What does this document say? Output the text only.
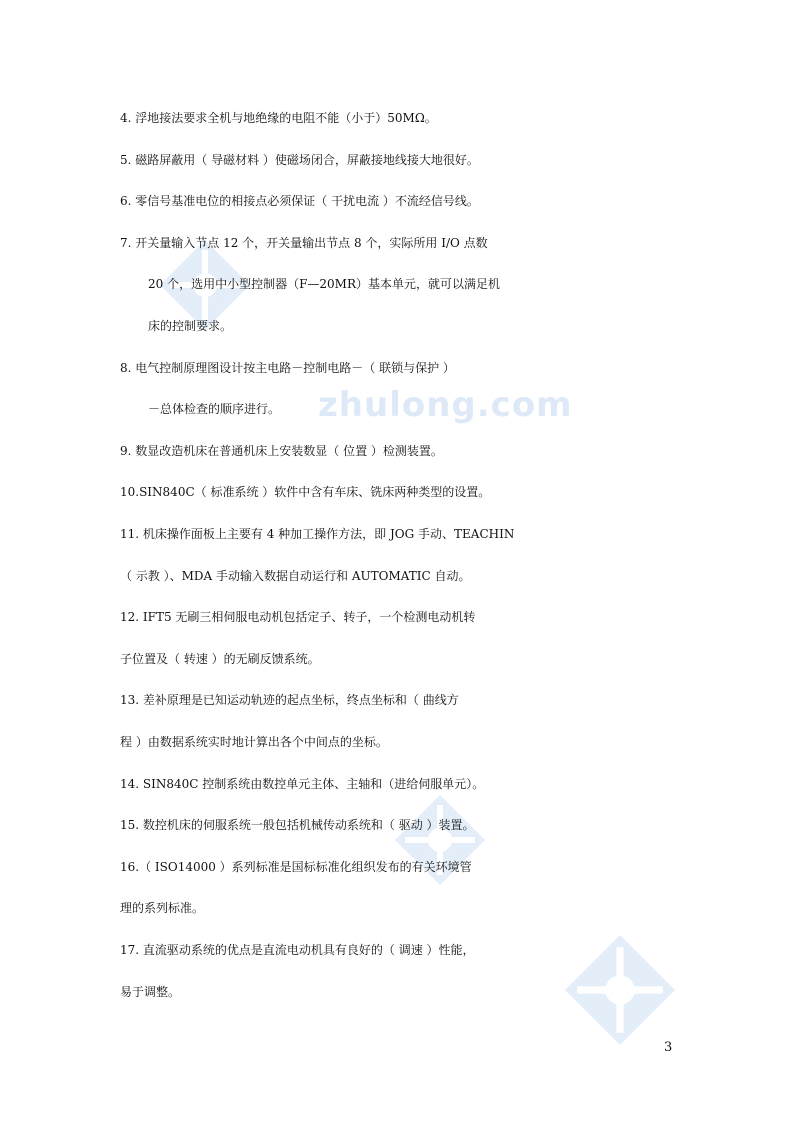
zhulong.com
4. 浮地接法要求全机与地绝缘的电阻不能（小于）50MΩ。
5. 磁路屏蔽用（ 导磁材料 ）使磁场闭合，屏蔽接地线接大地很好。
6. 零信号基准电位的相接点必须保证（ 干扰电流 ）不流经信号线。
7. 开关量输入节点 12 个，开关量输出节点 8 个，实际所用 I/O 点数
20 个，选用中小型控制器（F—20MR）基本单元，就可以满足机
床的控制要求。
8. 电气控制原理图设计按主电路－控制电路－（ 联锁与保护 ）
－总体检查的顺序进行。
9. 数显改造机床在普通机床上安装数显（ 位置 ）检测装置。
10.SIN840C（ 标准系统 ）软件中含有车床、铣床两种类型的设置。
11. 机床操作面板上主要有 4 种加工操作方法，即 JOG 手动、TEACHIN
（ 示教 ）、MDA 手动输入数据自动运行和 AUTOMATIC 自动。
12. IFT5 无刷三相伺服电动机包括定子、转子，一个检测电动机转
子位置及（ 转速 ）的无刷反馈系统。
13. 差补原理是已知运动轨迹的起点坐标，终点坐标和（ 曲线方
程 ）由数据系统实时地计算出各个中间点的坐标。
14. SIN840C 控制系统由数控单元主体、主轴和（进给伺服单元）。
15. 数控机床的伺服系统一般包括机械传动系统和（ 驱动 ）装置。
16.（ ISO14000 ）系列标准是国标标准化组织发布的有关环境管
理的系列标准。
17. 直流驱动系统的优点是直流电动机具有良好的（ 调速 ）性能，
易于调整。
3
